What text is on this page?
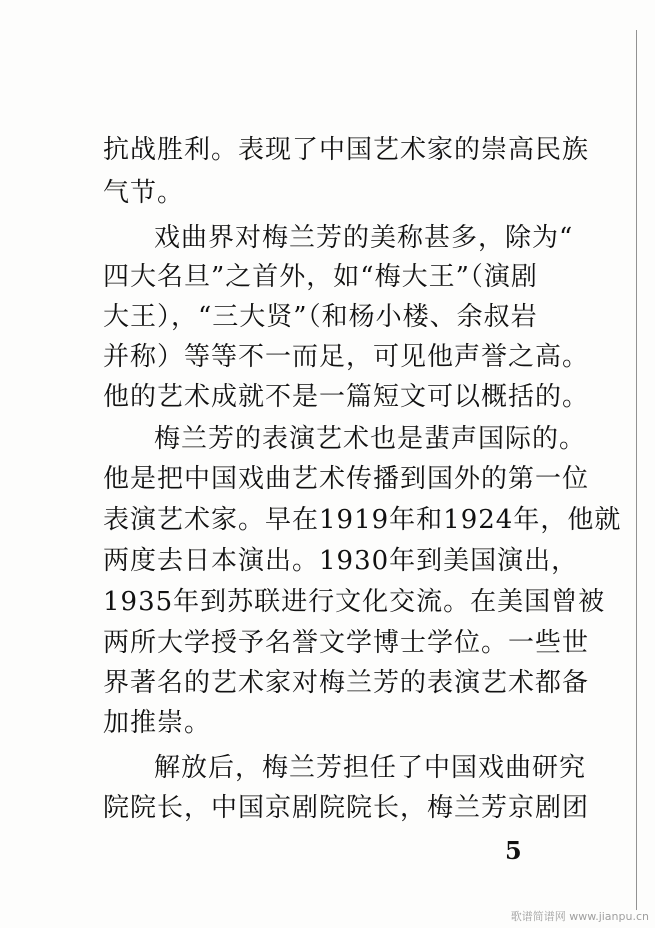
抗战胜利。表现了中国艺术家的崇高民族
气节。
戏曲界对梅兰芳的美称甚多，除为“
四大名旦”之首外，如“梅大王”（演剧
大王），“三大贤”（和杨小楼、余叔岩
并称）等等不一而足，可见他声誉之高。
他的艺术成就不是一篇短文可以概括的。
梅兰芳的表演艺术也是蜚声国际的。
他是把中国戏曲艺术传播到国外的第一位
表演艺术家。早在1919年和1924年，他就
两度去日本演出。1930年到美国演出，
1935年到苏联进行文化交流。在美国曾被
两所大学授予名誉文学博士学位。一些世
界著名的艺术家对梅兰芳的表演艺术都备
加推崇。
解放后，梅兰芳担任了中国戏曲研究
院院长，中国京剧院院长，梅兰芳京剧团
5
歌谱简谱网 www.jianpu.cn
